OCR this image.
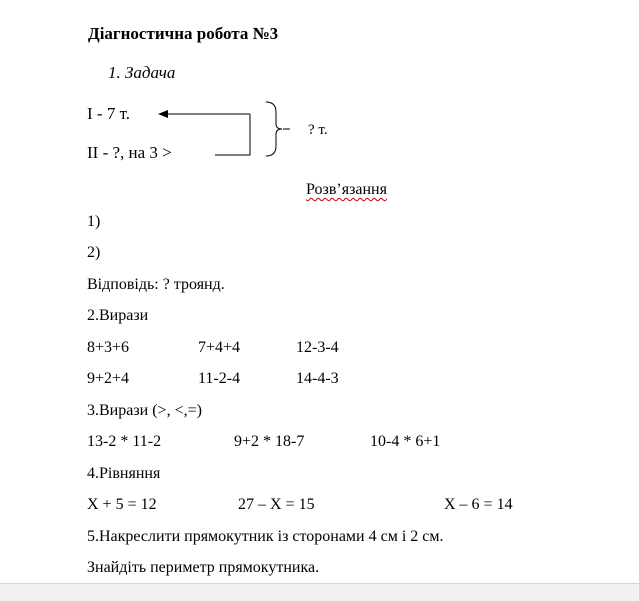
Діагностична робота №3
1. Задача
І - 7 т.
ІІ - ?, на 3 >
? т.
Розв’язання
1)
2)
Відповідь: ? троянд.
2.Вирази
8+3+6	7+4+4	12-3-4
9+2+4	11-2-4	14-4-3
3.Вирази (>, <,=)
13-2 * 11-2	9+2 * 18-7	10-4 * 6+1
4.Рівняння
Х + 5 = 12	27 – Х = 15	Х – 6 = 14
5.Накреслити прямокутник із сторонами 4 см і 2 см.
Знайдіть периметр прямокутника.
